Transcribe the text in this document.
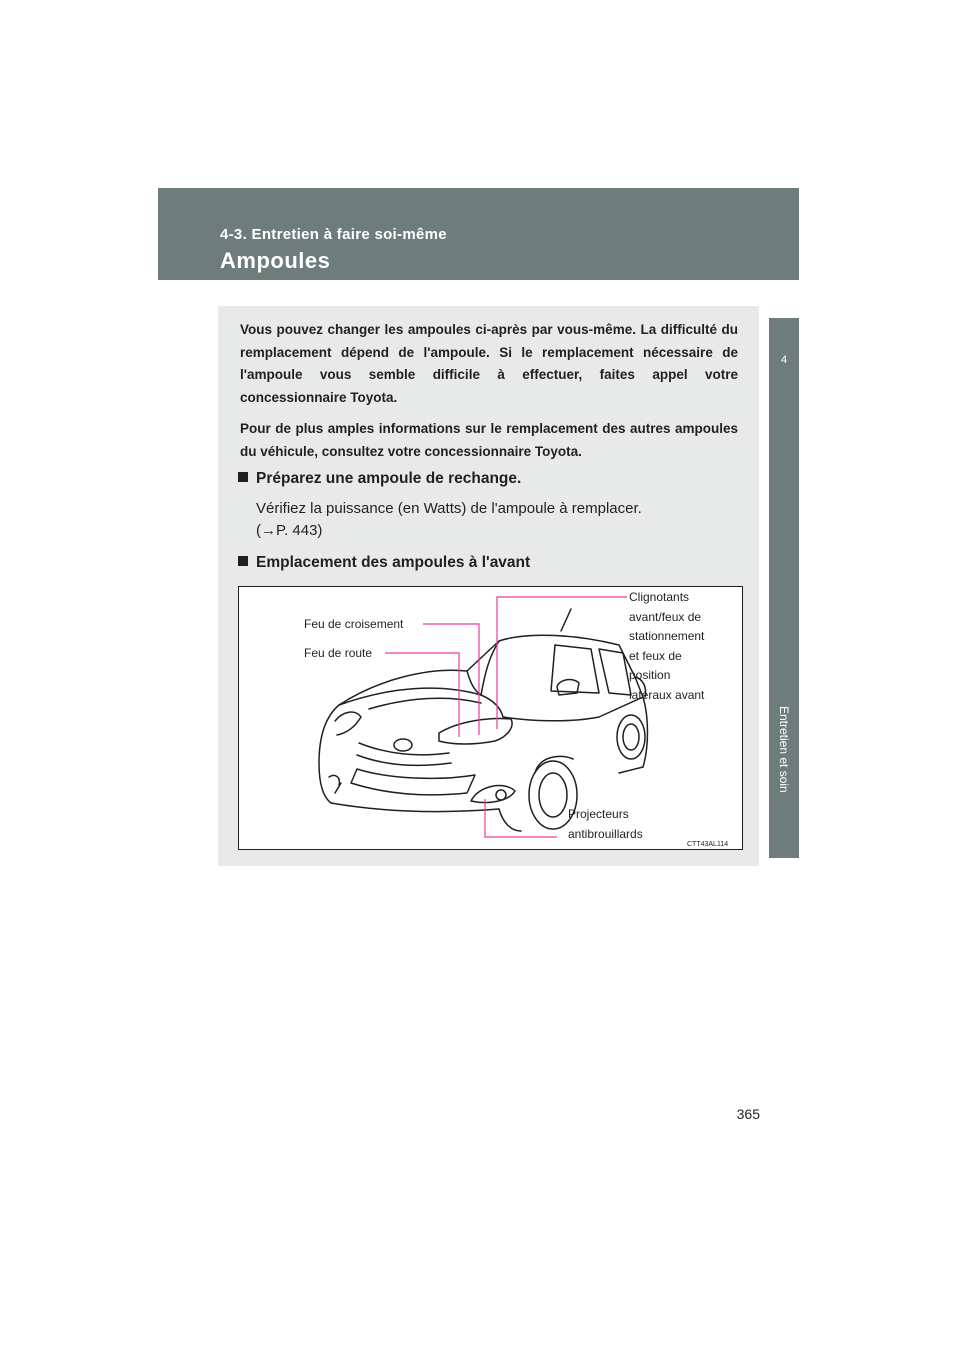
4-3. Entretien à faire soi-même
Ampoules
4
Entretien et soin

Vous pouvez changer les ampoules ci-après par vous-même. La difficulté du remplacement dépend de l'ampoule. Si le remplacement nécessaire de l'ampoule vous semble difficile à effectuer, faites appel votre concessionnaire Toyota.

Pour de plus amples informations sur le remplacement des autres ampoules du véhicule, consultez votre concessionnaire Toyota.

Préparez une ampoule de rechange.
Vérifiez la puissance (en Watts) de l'ampoule à remplacer.
(→P. 443)
Emplacement des ampoules à l'avant
Feu de croisement
Feu de route
Clignotants
avant/feux de
stationnement
et feux de
position
latéraux avant
Projecteurs
antibrouillards
CTT43AL114
365
